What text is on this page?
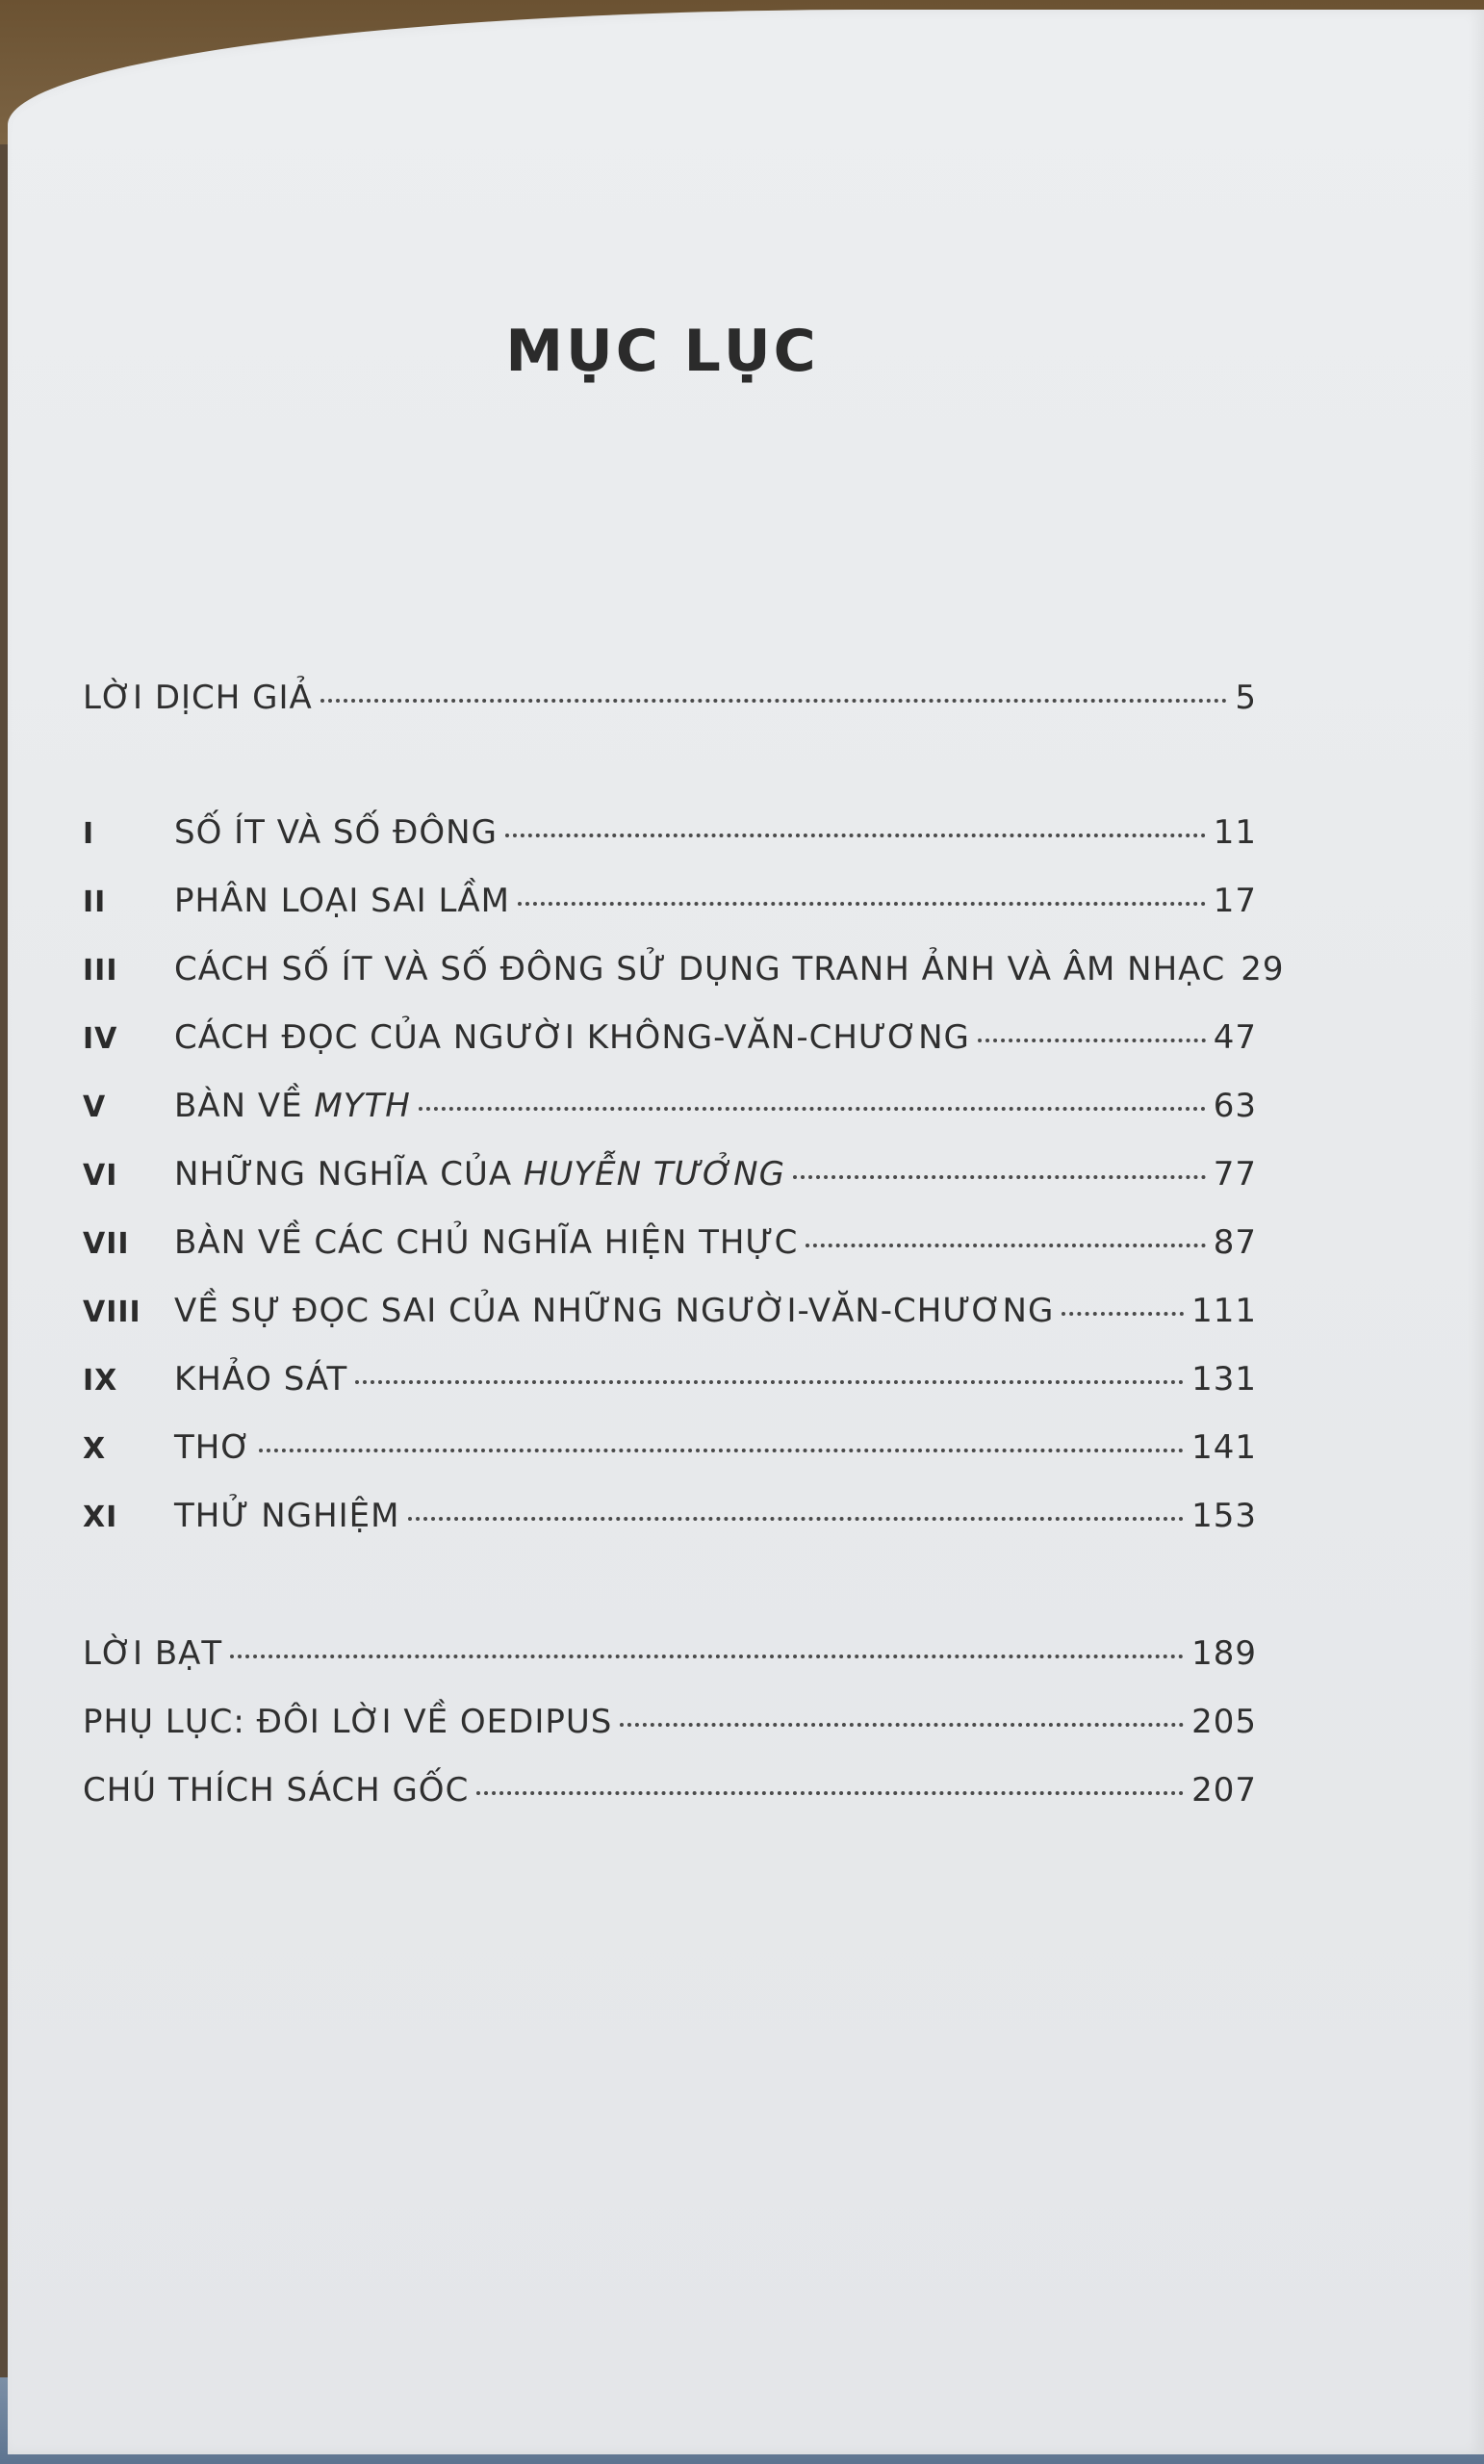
MỤC LỤC
LỜI DỊCH GIẢ	5
I	SỐ ÍT VÀ SỐ ĐÔNG	11
II	PHÂN LOẠI SAI LẦM	17
III	CÁCH SỐ ÍT VÀ SỐ ĐÔNG SỬ DỤNG TRANH ẢNH VÀ ÂM NHẠC 29
IV	CÁCH ĐỌC CỦA NGƯỜI KHÔNG-VĂN-CHƯƠNG	47
V	BÀN VỀ MYTH	63
VI	NHỮNG NGHĨA CỦA HUYỄN TƯỞNG	77
VII	BÀN VỀ CÁC CHỦ NGHĨA HIỆN THỰC	87
VIII	VỀ SỰ ĐỌC SAI CỦA NHỮNG NGƯỜI-VĂN-CHƯƠNG	111
IX	KHẢO SÁT	131
X	THƠ	141
XI	THỬ NGHIỆM	153
LỜI BẠT	189
PHỤ LỤC: ĐÔI LỜI VỀ OEDIPUS	205
CHÚ THÍCH SÁCH GỐC	207
